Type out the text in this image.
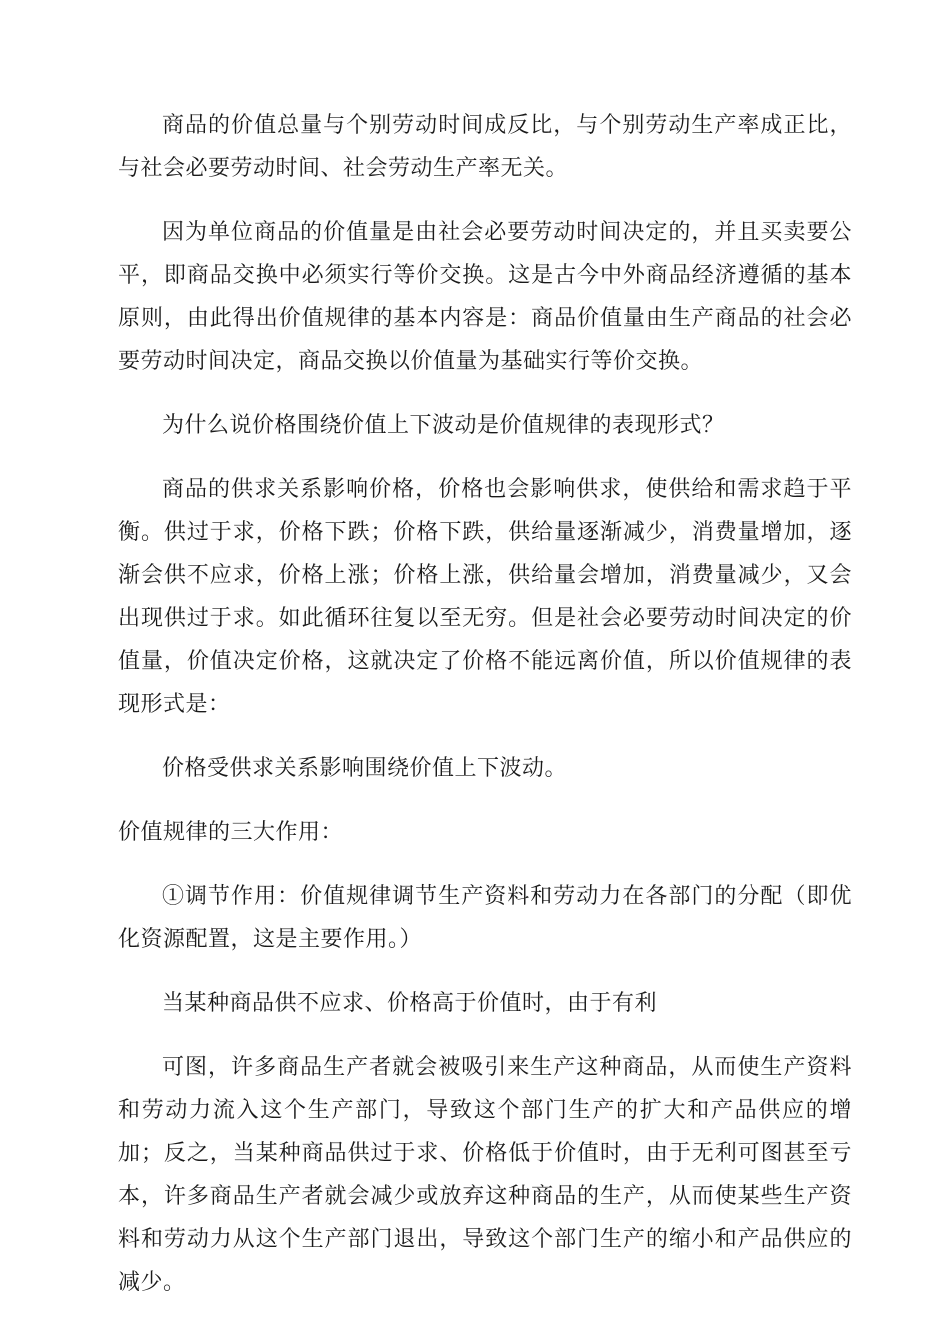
商品的价值总量与个别劳动时间成反比，与个别劳动生产率成正比，与社会必要劳动时间、社会劳动生产率无关。

因为单位商品的价值量是由社会必要劳动时间决定的，并且买卖要公平，即商品交换中必须实行等价交换。这是古今中外商品经济遵循的基本原则，由此得出价值规律的基本内容是：商品价值量由生产商品的社会必要劳动时间决定，商品交换以价值量为基础实行等价交换。

为什么说价格围绕价值上下波动是价值规律的表现形式？

商品的供求关系影响价格，价格也会影响供求，使供给和需求趋于平衡。供过于求，价格下跌；价格下跌，供给量逐渐减少，消费量增加，逐渐会供不应求，价格上涨；价格上涨，供给量会增加，消费量减少，又会出现供过于求。如此循环往复以至无穷。但是社会必要劳动时间决定的价值量，价值决定价格，这就决定了价格不能远离价值，所以价值规律的表现形式是：

价格受供求关系影响围绕价值上下波动。

价值规律的三大作用：

①调节作用：价值规律调节生产资料和劳动力在各部门的分配（即优化资源配置，这是主要作用。）

当某种商品供不应求、价格高于价值时，由于有利

可图，许多商品生产者就会被吸引来生产这种商品，从而使生产资料和劳动力流入这个生产部门，导致这个部门生产的扩大和产品供应的增加；反之，当某种商品供过于求、价格低于价值时，由于无利可图甚至亏本，许多商品生产者就会减少或放弃这种商品的生产，从而使某些生产资料和劳动力从这个生产部门退出，导致这个部门生产的缩小和产品供应的减少。
